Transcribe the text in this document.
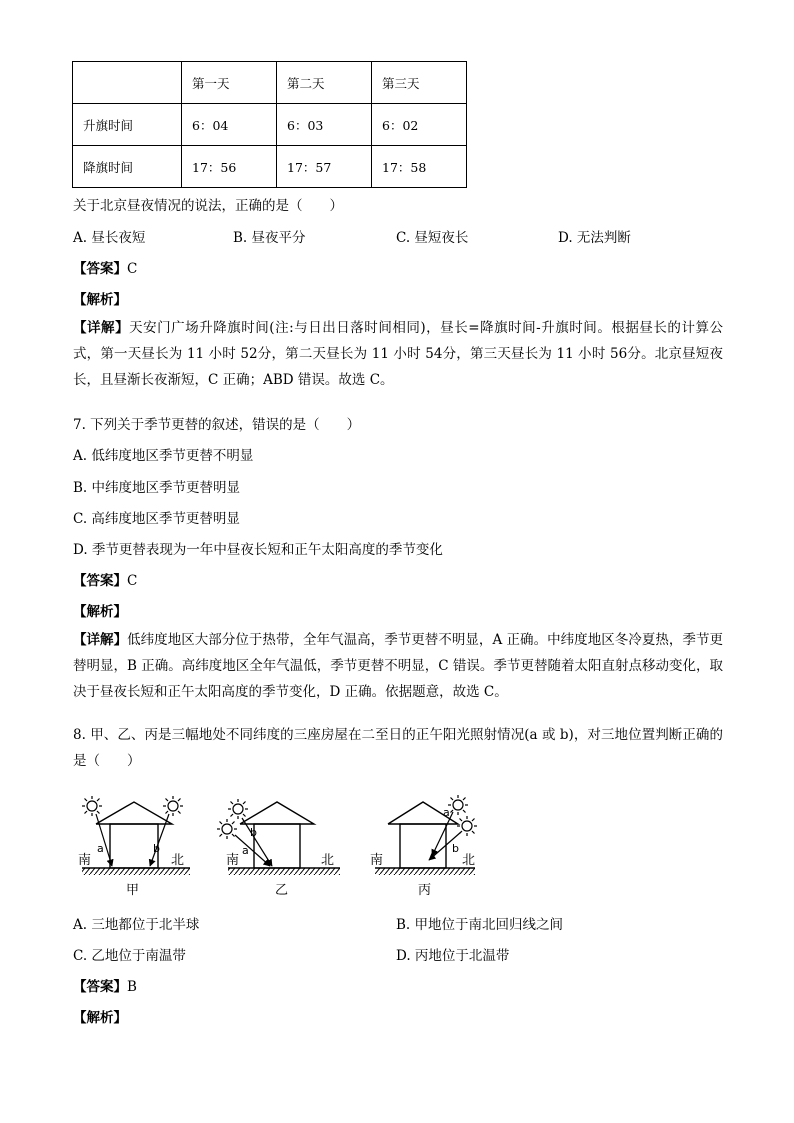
	第一天	第二天	第三天
升旗时间	6：04	6：03	6：02
降旗时间	17：56	17：57	17：58
关于北京昼夜情况的说法，正确的是（　　）
A. 昼长夜短	B. 昼夜平分	C. 昼短夜长	D. 无法判断
【答案】C
【解析】
【详解】天安门广场升降旗时间(注:与日出日落时间相同)，昼长=降旗时间-升旗时间。根据昼长的计算公式，第一天昼长为 11 小时 52分，第二天昼长为 11 小时 54分，第三天昼长为 11 小时 56分。北京昼短夜长，且昼渐长夜渐短，C 正确；ABD 错误。故选 C。
7. 下列关于季节更替的叙述，错误的是（　　）
A. 低纬度地区季节更替不明显
B. 中纬度地区季节更替明显
C. 高纬度地区季节更替明显
D. 季节更替表现为一年中昼夜长短和正午太阳高度的季节变化
【答案】C
【解析】
【详解】低纬度地区大部分位于热带，全年气温高，季节更替不明显，A 正确。中纬度地区冬冷夏热，季节更替明显，B 正确。高纬度地区全年气温低，季节更替不明显，C 错误。季节更替随着太阳直射点移动变化，取决于昼夜长短和正午太阳高度的季节变化，D 正确。依据题意，故选 C。
8. 甲、乙、丙是三幅地处不同纬度的三座房屋在二至日的正午阳光照射情况(a 或 b)，对三地位置判断正确的是（　　）
a	b
南	北
甲
b
a
南	北
乙
a
b
南	北
丙
A. 三地都位于北半球	B. 甲地位于南北回归线之间
C. 乙地位于南温带	D. 丙地位于北温带
【答案】B
【解析】
